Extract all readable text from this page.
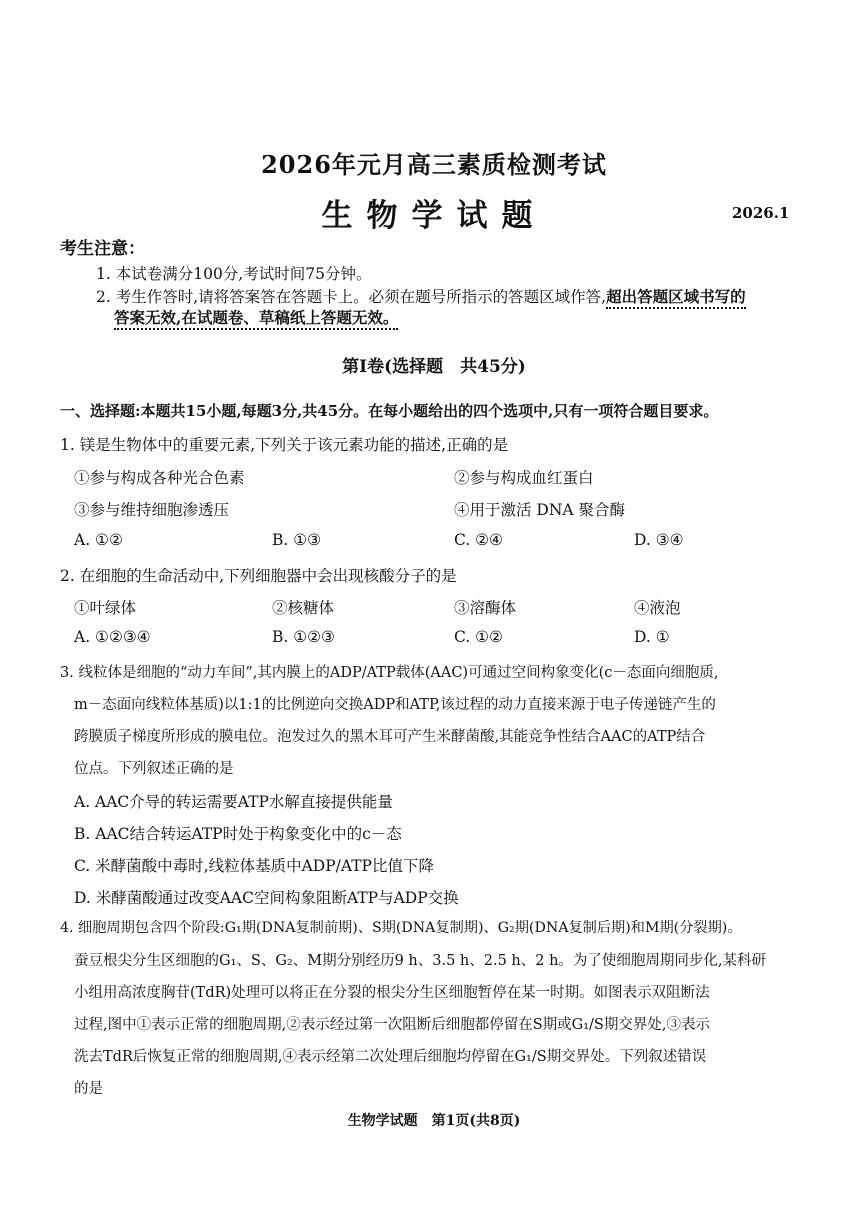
2026年元月高三素质检测考试
生物学试题	2026.1
考生注意：
1. 本试卷满分100分,考试时间75分钟。
2. 考生作答时,请将答案答在答题卡上。必须在题号所指示的答题区域作答,超出答题区域书写的
答案无效,在试题卷、草稿纸上答题无效。
第Ⅰ卷(选择题　共45分)
一、选择题:本题共15小题,每题3分,共45分。在每小题给出的四个选项中,只有一项符合题目要求。
1. 镁是生物体中的重要元素,下列关于该元素功能的描述,正确的是
①参与构成各种光合色素	②参与构成血红蛋白
③参与维持细胞渗透压	④用于激活 DNA 聚合酶
A. ①②	B. ①③	C. ②④	D. ③④
2. 在细胞的生命活动中,下列细胞器中会出现核酸分子的是
①叶绿体	②核糖体	③溶酶体	④液泡
A. ①②③④	B. ①②③	C. ①②	D. ①
3. 线粒体是细胞的“动力车间”,其内膜上的ADP/ATP载体(AAC)可通过空间构象变化(c－态面向细胞质,
m－态面向线粒体基质)以1:1的比例逆向交换ADP和ATP,该过程的动力直接来源于电子传递链产生的
跨膜质子梯度所形成的膜电位。泡发过久的黑木耳可产生米酵菌酸,其能竞争性结合AAC的ATP结合
位点。下列叙述正确的是
A. AAC介导的转运需要ATP水解直接提供能量
B. AAC结合转运ATP时处于构象变化中的c－态
C. 米酵菌酸中毒时,线粒体基质中ADP/ATP比值下降
D. 米酵菌酸通过改变AAC空间构象阻断ATP与ADP交换
4. 细胞周期包含四个阶段:G₁期(DNA复制前期)、S期(DNA复制期)、G₂期(DNA复制后期)和M期(分裂期)。
蚕豆根尖分生区细胞的G₁、S、G₂、M期分别经历9 h、3.5 h、2.5 h、2 h。为了使细胞周期同步化,某科研
小组用高浓度胸苷(TdR)处理可以将正在分裂的根尖分生区细胞暂停在某一时期。如图表示双阻断法
过程,图中①表示正常的细胞周期,②表示经过第一次阻断后细胞都停留在S期或G₁/S期交界处,③表示
洗去TdR后恢复正常的细胞周期,④表示经第二次处理后细胞均停留在G₁/S期交界处。下列叙述错误
的是
生物学试题　第1页(共8页)
